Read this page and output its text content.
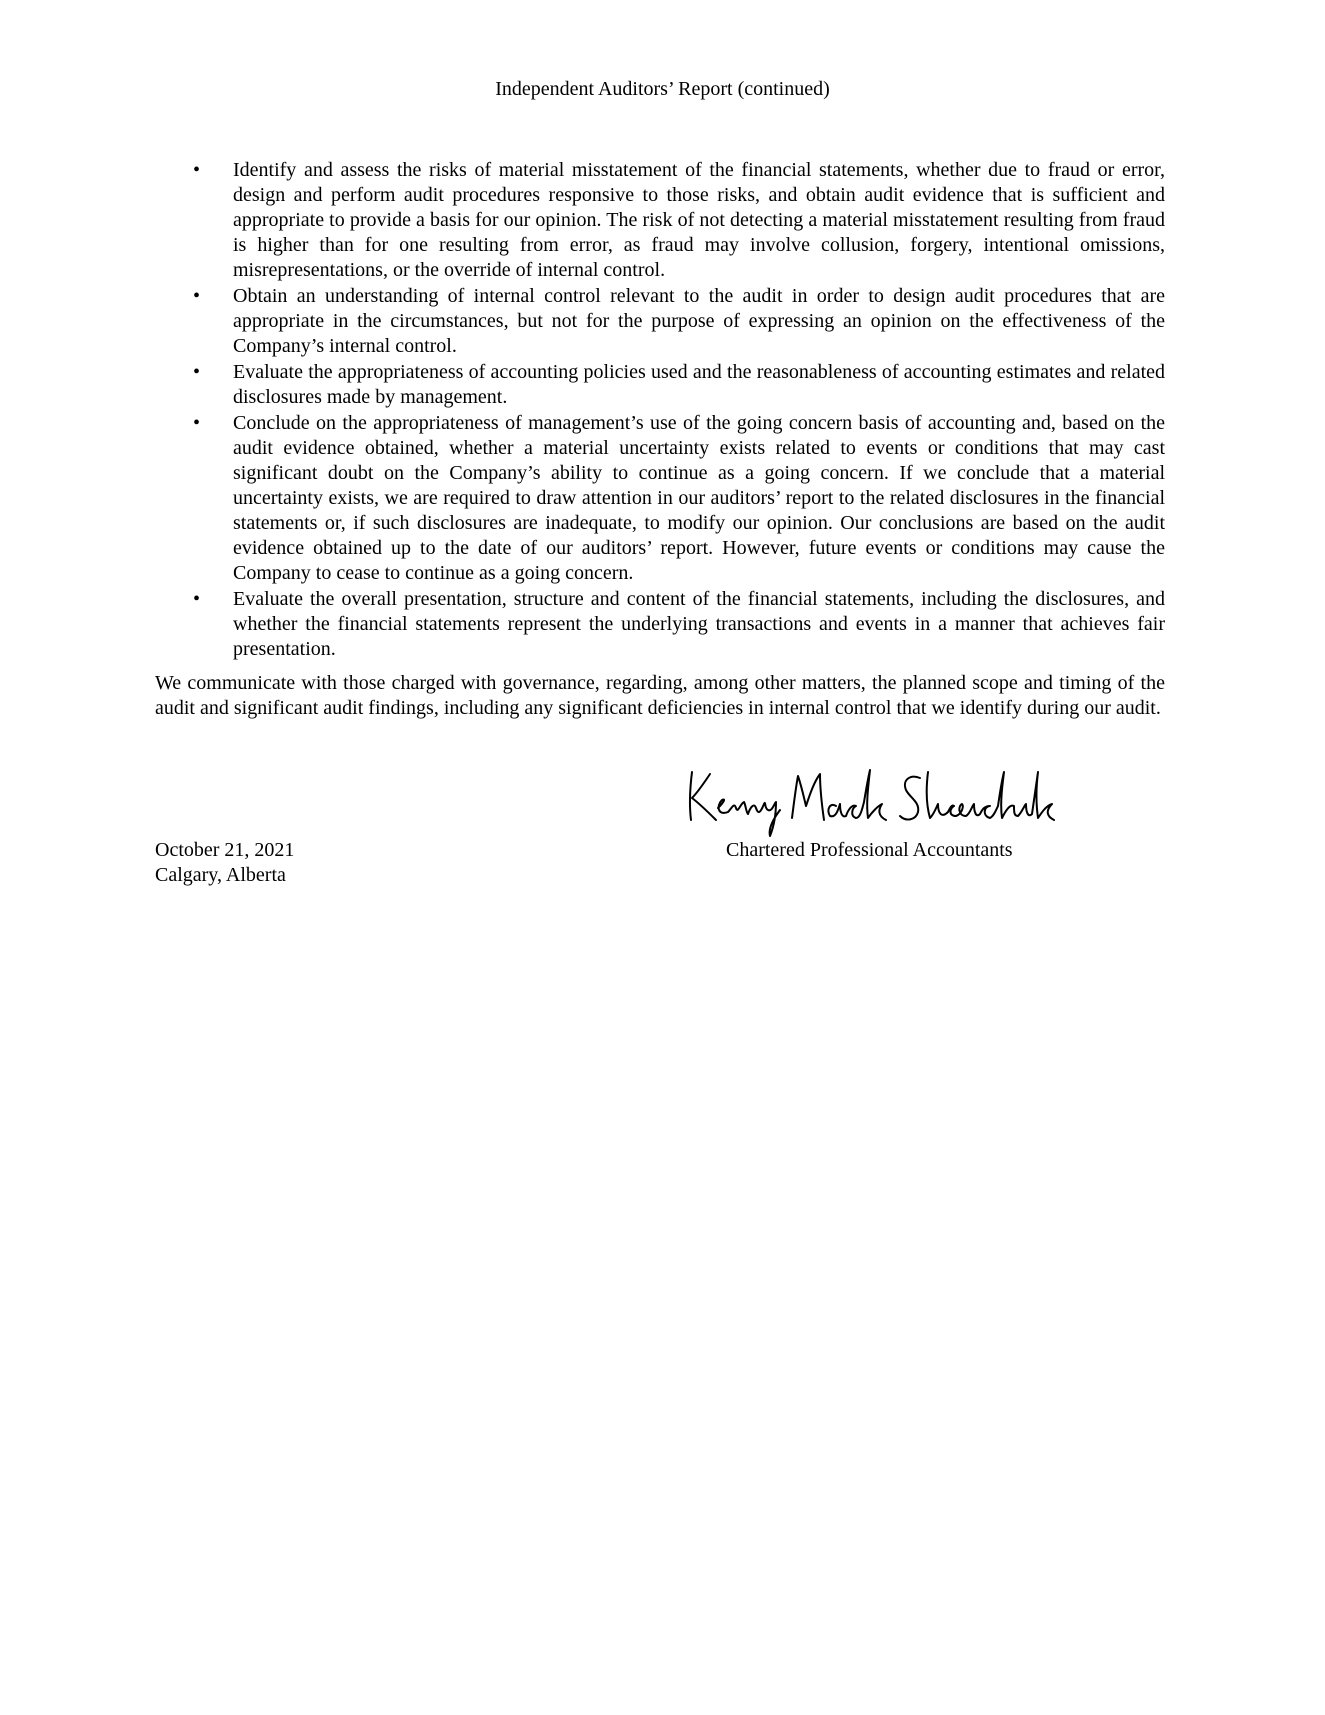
Independent Auditors’ Report (continued)
• Identify and assess the risks of material misstatement of the financial statements, whether due to fraud or error, design and perform audit procedures responsive to those risks, and obtain audit evidence that is sufficient and appropriate to provide a basis for our opinion. The risk of not detecting a material misstatement resulting from fraud is higher than for one resulting from error, as fraud may involve collusion, forgery, intentional omissions, misrepresentations, or the override of internal control.
• Obtain an understanding of internal control relevant to the audit in order to design audit procedures that are appropriate in the circumstances, but not for the purpose of expressing an opinion on the effectiveness of the Company’s internal control.
• Evaluate the appropriateness of accounting policies used and the reasonableness of accounting estimates and related disclosures made by management.
• Conclude on the appropriateness of management’s use of the going concern basis of accounting and, based on the audit evidence obtained, whether a material uncertainty exists related to events or conditions that may cast significant doubt on the Company’s ability to continue as a going concern. If we conclude that a material uncertainty exists, we are required to draw attention in our auditors’ report to the related disclosures in the financial statements or, if such disclosures are inadequate, to modify our opinion. Our conclusions are based on the audit evidence obtained up to the date of our auditors’ report. However, future events or conditions may cause the Company to cease to continue as a going concern.
• Evaluate the overall presentation, structure and content of the financial statements, including the disclosures, and whether the financial statements represent the underlying transactions and events in a manner that achieves fair presentation.

We communicate with those charged with governance, regarding, among other matters, the planned scope and timing of the audit and significant audit findings, including any significant deficiencies in internal control that we identify during our audit.

Chartered Professional Accountants
October 21, 2021
Calgary, Alberta
